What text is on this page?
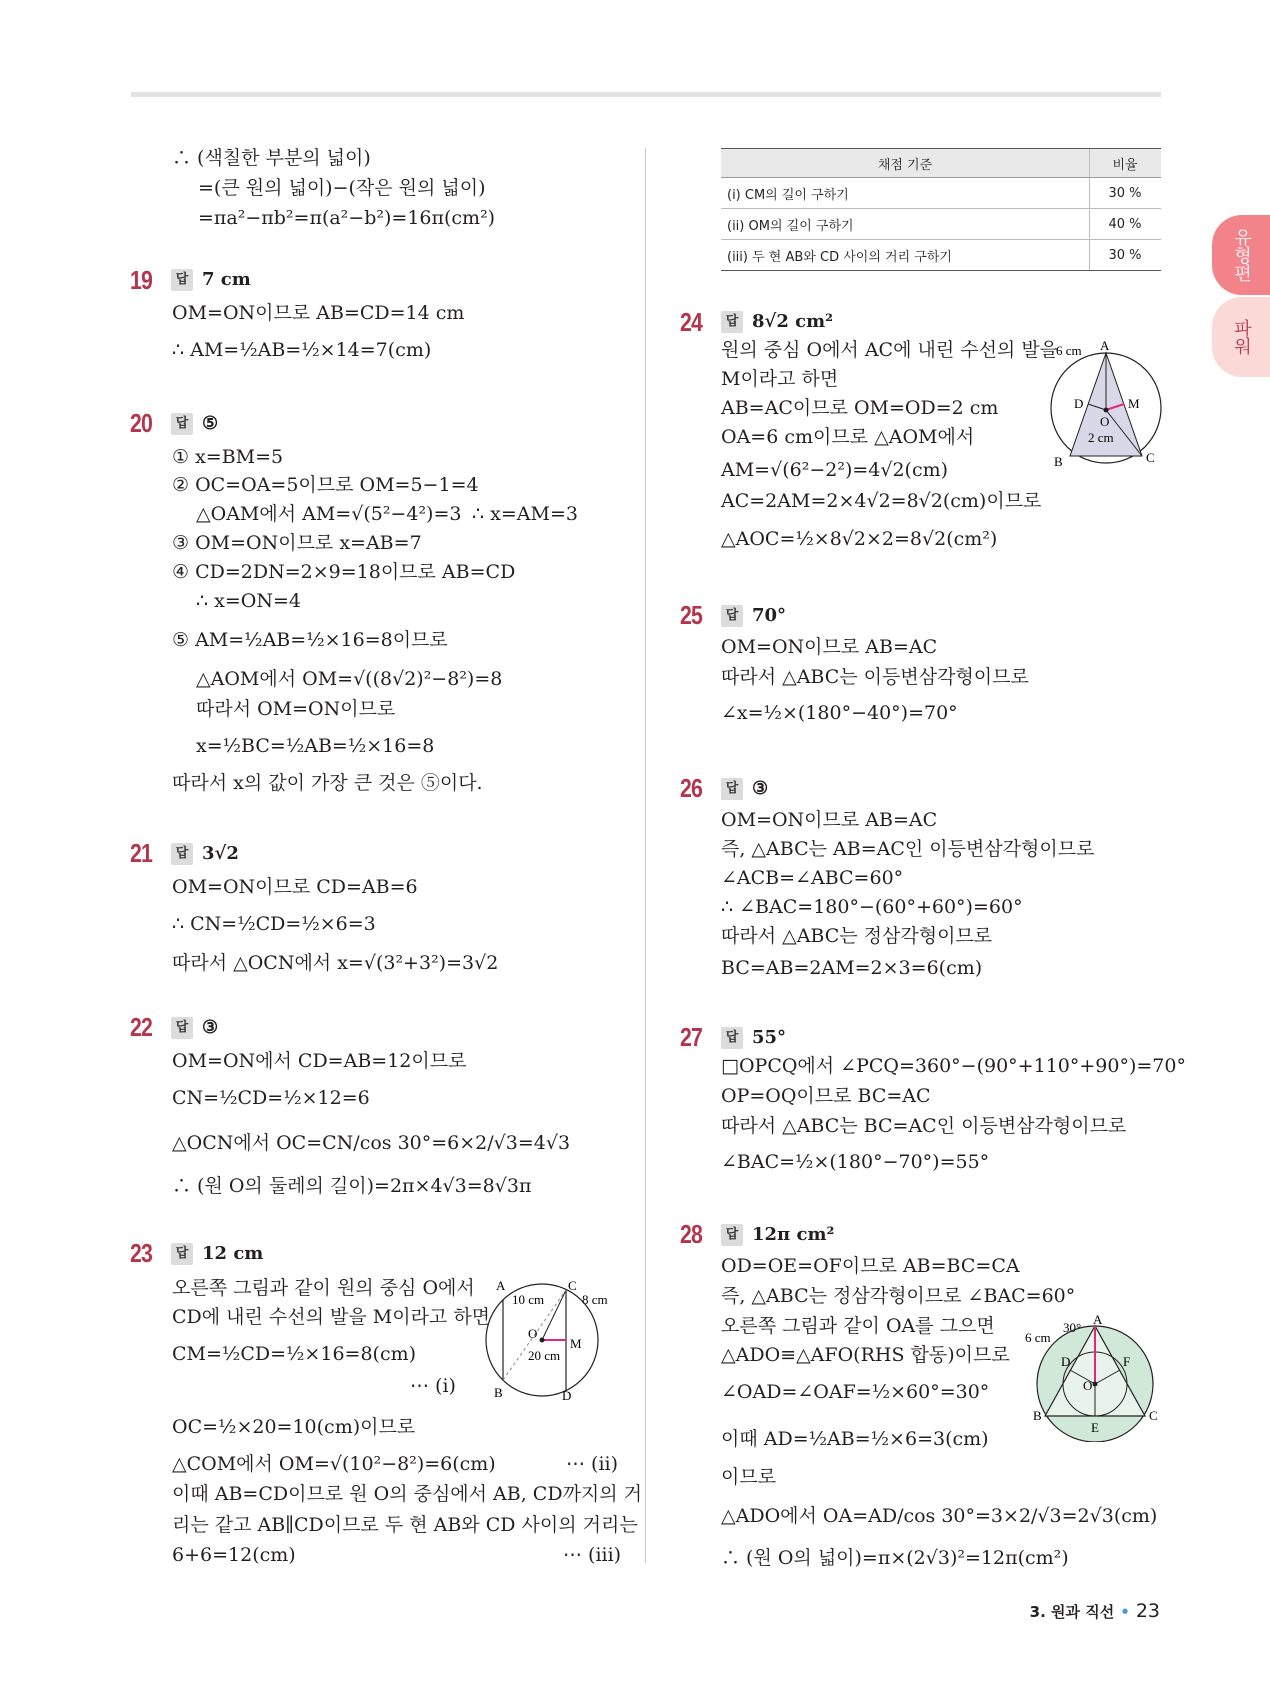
유형편
파워
∴ (색칠한 부분의 넓이)
=(큰 원의 넓이)−(작은 원의 넓이)
=πa²−πb²=π(a²−b²)=16π(cm²)
19	답 7 cm
OM=ON이므로 AB=CD=14 cm
∴ AM=½AB=½×14=7(cm)
20	답 ⑤
① x=BM=5
② OC=OA=5이므로 OM=5−1=4
△OAM에서 AM=√(5²−4²)=3 ∴ x=AM=3
③ OM=ON이므로 x=AB=7
④ CD=2DN=2×9=18이므로 AB=CD
∴ x=ON=4
⑤ AM=½AB=½×16=8이므로
△AOM에서 OM=√((8√2)²−8²)=8
따라서 OM=ON이므로
x=½BC=½AB=½×16=8
따라서 x의 값이 가장 큰 것은 ⑤이다.
21	답 3√2
OM=ON이므로 CD=AB=6
∴ CN=½CD=½×6=3
따라서 △OCN에서 x=√(3²+3²)=3√2
22	답 ③
OM=ON에서 CD=AB=12이므로
CN=½CD=½×12=6
△OCN에서 OC=CN/cos 30°=6×2/√3=4√3
∴ (원 O의 둘레의 길이)=2π×4√3=8√3π
23	답 12 cm
오른쪽 그림과 같이 원의 중심 O에서
CD에 내린 수선의 발을 M이라고 하면
CM=½CD=½×16=8(cm)
⋯ (i)
OC=½×20=10(cm)이므로
△COM에서 OM=√(10²−8²)=6(cm)	⋯ (ii)
이때 AB=CD이므로 원 O의 중심에서 AB, CD까지의 거
리는 같고 AB∥CD이므로 두 현 AB와 CD 사이의 거리는
6+6=12(cm)	⋯ (iii)
A	C
B	D
O
M
10 cm	8 cm
20 cm
채점 기준	비율
(i) CM의 길이 구하기	30 %
(ii) OM의 길이 구하기	40 %
(iii) 두 현 AB와 CD 사이의 거리 구하기	30 %
24	답 8√2 cm²
원의 중심 O에서 AC에 내린 수선의 발을
M이라고 하면
AB=AC이므로 OM=OD=2 cm
OA=6 cm이므로 △AOM에서
AM=√(6²−2²)=4√2(cm)
AC=2AM=2×4√2=8√2(cm)이므로
△AOC=½×8√2×2=8√2(cm²)
6 cm A
D	M
O
2 cm
B	C
25	답 70°
OM=ON이므로 AB=AC
따라서 △ABC는 이등변삼각형이므로
∠x=½×(180°−40°)=70°
26	답 ③
OM=ON이므로 AB=AC
즉, △ABC는 AB=AC인 이등변삼각형이므로
∠ACB=∠ABC=60°
∴ ∠BAC=180°−(60°+60°)=60°
따라서 △ABC는 정삼각형이므로
BC=AB=2AM=2×3=6(cm)
27	답 55°
□OPCQ에서 ∠PCQ=360°−(90°+110°+90°)=70°
OP=OQ이므로 BC=AC
따라서 △ABC는 BC=AC인 이등변삼각형이므로
∠BAC=½×(180°−70°)=55°
28	답 12π cm²
OD=OE=OF이므로 AB=BC=CA
즉, △ABC는 정삼각형이므로 ∠BAC=60°
오른쪽 그림과 같이 OA를 그으면
△ADO≡△AFO(RHS 합동)이므로
∠OAD=∠OAF=½×60°=30°
이때 AD=½AB=½×6=3(cm)
이므로
△ADO에서 OA=AD/cos 30°=3×2/√3=2√3(cm)
∴ (원 O의 넓이)=π×(2√3)²=12π(cm²)
6 cm
30°
A
D	F
O
B
E
C
3. 원과 직선 • 23
